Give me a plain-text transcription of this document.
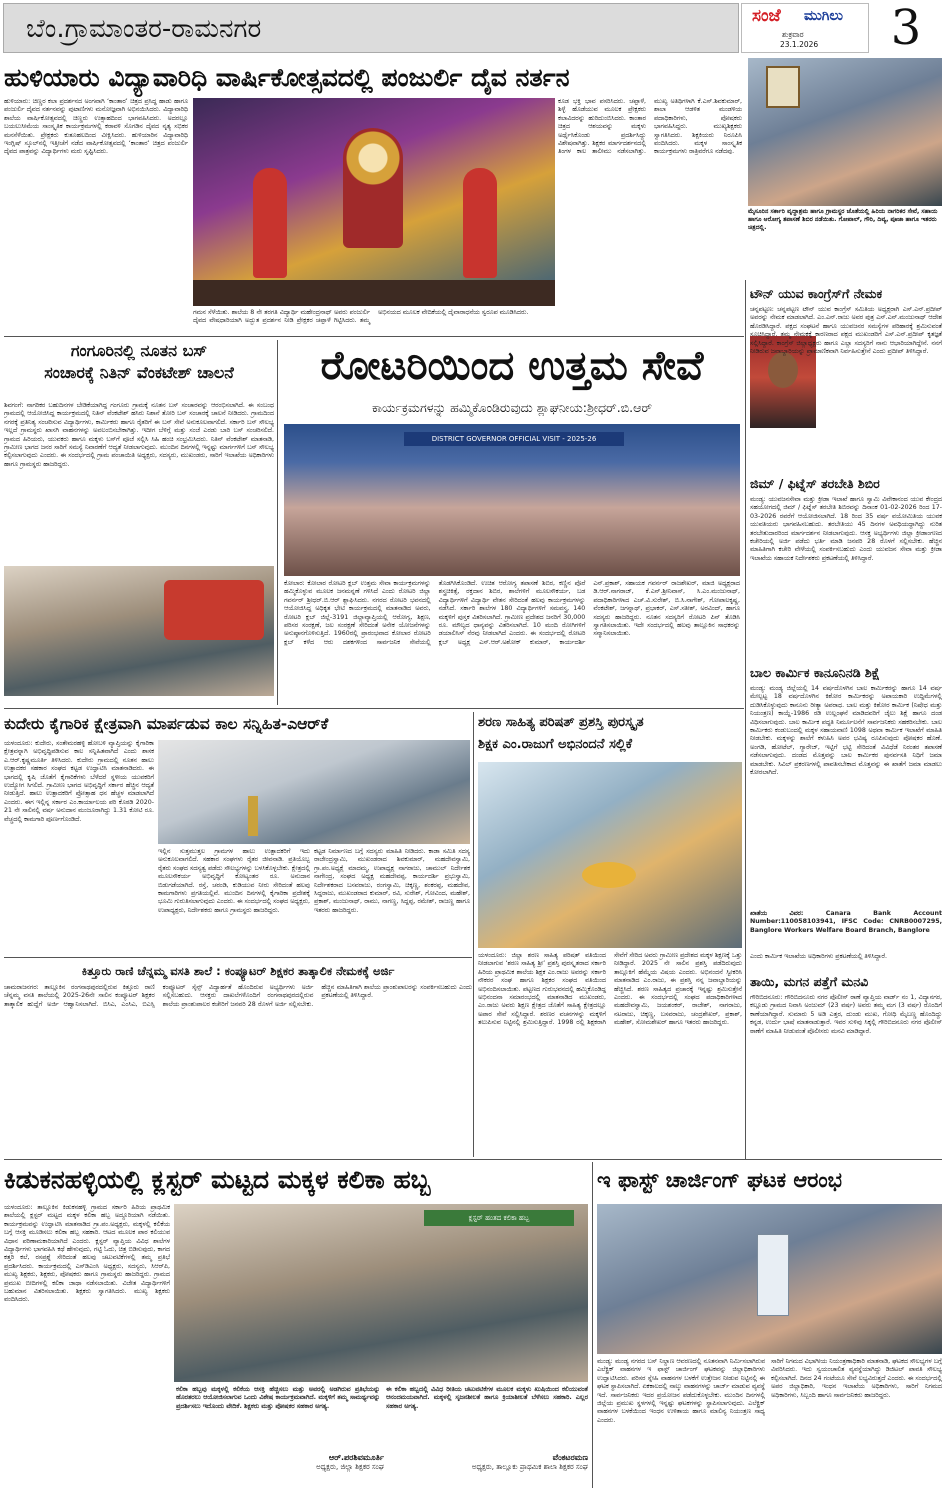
ಬೆಂ.ಗ್ರಾಮಾಂತರ-ರಾಮನಗರ	ಸಂಜೆ ಮುಗಿಲು
ಶುಕ್ರವಾರ
23.1.2026	3
ಹುಳಿಯಾರು ವಿದ್ಯಾವಾರಿಧಿ ವಾರ್ಷಿಕೋತ್ಸವದಲ್ಲಿ ಪಂಜುರ್ಲಿ ದೈವ ನರ್ತನ
ಹುಳಿಯಾರು: ಚಿಣ್ಣರ ಕಲಾ ಪ್ರದರ್ಶನದ ಅಂಗವಾಗಿ ‘ಕಾಂತಾರ’ ಚಿತ್ರದ ಪ್ರಸಿದ್ಧ ಹಾಡು ಹಾಗೂ ಪಂಜುರ್ಲಿ ದೈವದ ನರ್ತನವನ್ನು ಪುಟಾಣಿಗಳು ಮನೋಜ್ಞವಾಗಿ ಅಭಿನಯಿಸಿದರು. ವಿದ್ಯಾವಾರಿಧಿ ಶಾಲೆಯ ವಾರ್ಷಿಕೋತ್ಸವದಲ್ಲಿ ಚಿಣ್ಣರು ಉತ್ಸಾಹದಿಂದ ಭಾಗವಹಿಸಿದರು. ಅದರಲ್ಲೂ ಬಯಲುಸೀಮೆಯ ಸಾಂಸ್ಕೃತಿಕ ಕಾರ್ಯಕ್ರಮಗಳಲ್ಲಿ ಕರಾವಳಿ ಸೊಗಡಿನ ದೈವದ ನೃತ್ಯ ಸಭಿಕರ ಮನಸೆಳೆಯಿತು. ಪ್ರೇಕ್ಷಕರು ಕುತೂಹಲದಿಂದ ವೀಕ್ಷಿಸಿದರು. ಹುಳಿಯಾರಿನ ವಿದ್ಯಾವಾರಿಧಿ ಇಂಗ್ಲಿಷ್ ಸ್ಕೂಲ್‌ನಲ್ಲಿ ಇತ್ತೀಚೆಗೆ ನಡೆದ ವಾರ್ಷಿಕೋತ್ಸವದಲ್ಲಿ ‘ಕಾಂತಾರ’ ಚಿತ್ರದ ಪಂಜುರ್ಲಿ ದೈವದ ಪಾತ್ರವನ್ನು ವಿದ್ಯಾರ್ಥಿಗಳು ಮರು ಸೃಷ್ಟಿಸಿದರು.
ಗಮನ ಸೆಳೆಯಿತು. ಶಾಲೆಯ 8 ನೇ ತರಗತಿ ವಿದ್ಯಾರ್ಥಿ ಮಹೇಂದ್ರನಾಥ್ ಅವರು ಪಂಜುರ್ಲಿ ದೈವದ ವೇಷಧಾರಿಯಾಗಿ ಅದ್ಭುತ ಪ್ರದರ್ಶನ ನೀಡಿ ಪ್ರೇಕ್ಷಕರ ಚಪ್ಪಾಳೆ ಗಿಟ್ಟಿಸಿದರು. ತಮ್ಮ ಅಭಿನಯದ ಮೂಲಕ ವೇದಿಕೆಯಲ್ಲಿ ದೈವಾರಾಧನೆಯ ಸ್ವರೂಪ ಮೂಡಿಸಿದರು.
ಕೂಡ ಭಕ್ತಿ ಭಾವ ಪಸರಿಸಿದರು. ಚಪ್ಪಾಳೆ, ಶಿಳ್ಳೆ ಹೊಡೆಯುವ ಮೂಲಕ ಪ್ರೇಕ್ಷಕರು ಕಲಾವಿದರನ್ನು ಹುರಿದುಂಬಿಸಿದರು. ಕಾಂತಾರ ಚಿತ್ರದ ಆಶಯವನ್ನು ಮಕ್ಕಳು ಅರ್ಥೈಸಿಕೊಂಡು ಪ್ರದರ್ಶಿಸಿದ್ದು ವಿಶೇಷವಾಗಿತ್ತು. ಶಿಕ್ಷಕರ ಮಾರ್ಗದರ್ಶನದಲ್ಲಿ ತಿಂಗಳ ಕಾಲ ತಾಲೀಮು ನಡೆಸಲಾಗಿತ್ತು. ಮುಖ್ಯ ಅತಿಥಿಗಳಾಗಿ ಕೆ.ಎಸ್.ಶಿವಕುಮಾರ್, ಶಾಲಾ ಆಡಳಿತ ಮಂಡಳಿಯ ಪದಾಧಿಕಾರಿಗಳು, ಪೋಷಕರು ಭಾಗವಹಿಸಿದ್ದರು. ಮುಖ್ಯಶಿಕ್ಷಕರು ಸ್ವಾಗತಿಸಿದರು. ಶಿಕ್ಷಕಿಯರು ನಿರೂಪಿಸಿ ವಂದಿಸಿದರು. ಮಕ್ಕಳ ಸಾಂಸ್ಕೃತಿಕ ಕಾರ್ಯಕ್ರಮಗಳು ರಾತ್ರಿವರೆಗೂ ನಡೆದವು.
ಮೈಸೂರಿನ ಸರ್ಕಾರಿ ವೃದ್ಧಾಶ್ರಮ ಹಾಗೂ ಗ್ರಾಮಸ್ಥರ ಜೊತೆಯಲ್ಲಿ ಹಿರಿಯ ನಾಗರಿಕರ ಸೇವೆ, ಸಹಾಯ ಹಾಗೂ ಆರೋಗ್ಯ ತಪಾಸಣೆ ಶಿಬಿರ ನಡೆಯಿತು. ಗೋಪಾಲ್, ಗೌರಿ, ದಿವ್ಯ, ಪೂಜಾ ಹಾಗೂ ಇತರರು ಚಿತ್ರದಲ್ಲಿ.
ಗಂಗೂರಿನಲ್ಲಿ ನೂತನ ಬಸ್
ಸಂಚಾರಕ್ಕೆ ನಿತಿನ್ ವೆಂಕಟೇಶ್ ಚಾಲನೆ
ಶಿವಗಂಗೆ: ನಾಗರಿಕರ ಬಹುದಿನಗಳ ಬೇಡಿಕೆಯಾಗಿದ್ದ ಗಂಗೂರು ಗ್ರಾಮಕ್ಕೆ ನೂತನ ಬಸ್ ಸಂಚಾರವನ್ನು ಆರಂಭಿಸಲಾಗಿದೆ. ಈ ಸಂಬಂಧ ಗ್ರಾಮದಲ್ಲಿ ಆಯೋಜಿಸಿದ್ದ ಕಾರ್ಯಕ್ರಮದಲ್ಲಿ ನಿತಿನ್ ವೆಂಕಟೇಶ್ ಹಸಿರು ನಿಶಾನೆ ತೋರಿ ಬಸ್ ಸಂಚಾರಕ್ಕೆ ಚಾಲನೆ ನೀಡಿದರು. ಗ್ರಾಮದಿಂದ ನಗರಕ್ಕೆ ಪ್ರತಿನಿತ್ಯ ಸಂಚರಿಸುವ ವಿದ್ಯಾರ್ಥಿಗಳು, ಕಾರ್ಮಿಕರು ಹಾಗೂ ರೈತರಿಗೆ ಈ ಬಸ್ ಸೇವೆ ಅನುಕೂಲವಾಗಲಿದೆ. ಸರ್ಕಾರಿ ಬಸ್ ಸೌಲಭ್ಯ ಇಲ್ಲದೆ ಗ್ರಾಮಸ್ಥರು ಖಾಸಗಿ ವಾಹನಗಳನ್ನು ಅವಲಂಬಿಸಬೇಕಾಗಿತ್ತು. ಇದೀಗ ಬೆಳಿಗ್ಗೆ ಮತ್ತು ಸಂಜೆ ಎರಡು ಬಾರಿ ಬಸ್ ಸಂಚರಿಸಲಿದೆ. ಗ್ರಾಮದ ಹಿರಿಯರು, ಯುವಕರು ಹಾಗೂ ಮಕ್ಕಳು ಬಸ್‌ಗೆ ಪೂಜೆ ಸಲ್ಲಿಸಿ ಸಿಹಿ ಹಂಚಿ ಸಂಭ್ರಮಿಸಿದರು. ನಿತಿನ್ ವೆಂಕಟೇಶ್ ಮಾತನಾಡಿ, ಗ್ರಾಮೀಣ ಭಾಗದ ಜನರ ಸಾರಿಗೆ ಸಮಸ್ಯೆ ನಿವಾರಣೆಗೆ ಆದ್ಯತೆ ನೀಡಲಾಗುವುದು. ಮುಂದಿನ ದಿನಗಳಲ್ಲಿ ಇನ್ನಷ್ಟು ಮಾರ್ಗಗಳಿಗೆ ಬಸ್ ಸೌಲಭ್ಯ ಕಲ್ಪಿಸಲಾಗುವುದು ಎಂದರು. ಈ ಸಂದರ್ಭದಲ್ಲಿ ಗ್ರಾಮ ಪಂಚಾಯಿತಿ ಅಧ್ಯಕ್ಷರು, ಸದಸ್ಯರು, ಮುಖಂಡರು, ಸಾರಿಗೆ ಇಲಾಖೆಯ ಅಧಿಕಾರಿಗಳು ಹಾಗೂ ಗ್ರಾಮಸ್ಥರು ಹಾಜರಿದ್ದರು.
ರೋಟರಿಯಿಂದ ಉತ್ತಮ ಸೇವೆ
ಕಾರ್ಯಕ್ರಮಗಳನ್ನು ಹಮ್ಮಿಕೊಂಡಿರುವುದು ಶ್ಲಾಘನೀಯ:ಶ್ರೀಧರ್.ಬಿ.ಆರ್
DISTRICT GOVERNOR OFFICIAL VISIT - 2025-26
ಕೋಲಾರ: ಕೋಲಾರ ರೋಟರಿ ಕ್ಲಬ್ ಉತ್ತಮ ಸೇವಾ ಕಾರ್ಯಕ್ರಮಗಳನ್ನು ಹಮ್ಮಿಕೊಳ್ಳುವ ಮೂಲಕ ಜನಮನ್ನಣೆ ಗಳಿಸಿದೆ ಎಂದು ರೋಟರಿ ಜಿಲ್ಲಾ ಗವರ್ನರ್ ಶ್ರೀಧರ್.ಬಿ.ಆರ್ ಶ್ಲಾಘಿಸಿದರು. ನಗರದ ರೋಟರಿ ಭವನದಲ್ಲಿ ಆಯೋಜಿಸಿದ್ದ ಅಧಿಕೃತ ಭೇಟಿ ಕಾರ್ಯಕ್ರಮದಲ್ಲಿ ಮಾತನಾಡಿದ ಅವರು, ರೋಟರಿ ಕ್ಲಬ್ ಜಿಲ್ಲೆ-3191 ಜಿಲ್ಲಾವ್ಯಾಪ್ತಿಯಲ್ಲಿ ಆರೋಗ್ಯ, ಶಿಕ್ಷಣ, ಪರಿಸರ ಸಂರಕ್ಷಣೆ, ಜಲ ಸಂರಕ್ಷಣೆ ಸೇರಿದಂತೆ ಅನೇಕ ಯೋಜನೆಗಳನ್ನು ಅನುಷ್ಠಾನಗೊಳಿಸುತ್ತಿದೆ. 1960ರಲ್ಲಿ ಪ್ರಾರಂಭವಾದ ಕೋಲಾರ ರೋಟರಿ ಕ್ಲಬ್ ಕಳೆದ ಆರು ದಶಕಗಳಿಂದ ಸಾರ್ವಜನಿಕ ಸೇವೆಯಲ್ಲಿ ತೊಡಗಿಸಿಕೊಂಡಿದೆ. ಉಚಿತ ಆರೋಗ್ಯ ತಪಾಸಣೆ ಶಿಬಿರ, ಕಣ್ಣಿನ ಪೊರೆ ಶಸ್ತ್ರಚಿಕಿತ್ಸೆ, ರಕ್ತದಾನ ಶಿಬಿರ, ಶಾಲೆಗಳಿಗೆ ಮೂಲಸೌಕರ್ಯ, ಬಡ ವಿದ್ಯಾರ್ಥಿಗಳಿಗೆ ವಿದ್ಯಾರ್ಥಿ ವೇತನ ಸೇರಿದಂತೆ ಹಲವು ಕಾರ್ಯಕ್ರಮಗಳನ್ನು ನಡೆಸಿದೆ. ಸರ್ಕಾರಿ ಶಾಲೆಗಳ 180 ವಿದ್ಯಾರ್ಥಿಗಳಿಗೆ ಸಮವಸ್ತ್ರ, 140 ಮಕ್ಕಳಿಗೆ ಪುಸ್ತಕ ವಿತರಿಸಲಾಗಿದೆ. ಗ್ರಾಮೀಣ ಪ್ರದೇಶದ ಜನರಿಗೆ 30,000 ರೂ. ಮೌಲ್ಯದ ಧಾನ್ಯವನ್ನು ವಿತರಿಸಲಾಗಿದೆ. 10 ಮಂದಿ ರೋಗಿಗಳಿಗೆ ಡಯಾಲಿಸಿಸ್ ನೆರವು ನೀಡಲಾಗಿದೆ ಎಂದರು. ಈ ಸಂದರ್ಭದಲ್ಲಿ ರೋಟರಿ ಕ್ಲಬ್ ಅಧ್ಯಕ್ಷ ಎಸ್.ಆರ್.ಅಶೋಕ್ ಕುಮಾರ್, ಕಾರ್ಯದರ್ಶಿ ಎನ್.ಪ್ರಕಾಶ್, ಸಹಾಯಕ ಗವರ್ನರ್ ರಾಜಶೇಖರ್, ಮಾಜಿ ಅಧ್ಯಕ್ಷರಾದ ಡಿ.ಆರ್.ನಾಗರಾಜ್, ಕೆ.ಎನ್.ಶ್ರೀನಿವಾಸ್, ಸಿ.ಎಂ.ಮಂಜುನಾಥ್, ಪದಾಧಿಕಾರಿಗಳಾದ ಎಚ್.ವಿ.ಸುರೇಶ್, ಬಿ.ಸಿ.ನಾಗೇಶ್, ಗೋಪಾಲಕೃಷ್ಣ, ವೆಂಕಟೇಶ್, ಜಗನ್ನಾಥ್, ಪ್ರಭಾಕರ್, ಎಸ್.ಸತೀಶ್, ಅರವಿಂದ್, ಹಾಗೂ ಸದಸ್ಯರು ಹಾಜರಿದ್ದರು. ನೂತನ ಸದಸ್ಯರಿಗೆ ರೋಟರಿ ಪಿನ್ ತೊಡಿಸಿ ಸ್ವಾಗತಿಸಲಾಯಿತು. ಇದೇ ಸಂದರ್ಭದಲ್ಲಿ ಹಲವು ತಾಲ್ಲೂಕಿನ ಸಾಧಕರನ್ನು ಸನ್ಮಾನಿಸಲಾಯಿತು.
ಟೌನ್ ಯುವ ಕಾಂಗ್ರೆಸ್‌ಗೆ ನೇಮಕ
ಚನ್ನಪಟ್ಟಣ: ಚನ್ನಪಟ್ಟಣ ಟೌನ್ ಯುವ ಕಾಂಗ್ರೆಸ್ ಸಮಿತಿಯ ಅಧ್ಯಕ್ಷರಾಗಿ ಎಸ್.ಎನ್.ಪ್ರದೀಪ್ ಅವರನ್ನು ನೇಮಕ ಮಾಡಲಾಗಿದೆ. ಎಂ.ಎನ್.ರಾಜು ಅವರ ಪುತ್ರ ಎಸ್.ಎನ್.ಮಂಜುನಾಥ್ ಆದೇಶ ಹೊರಡಿಸಿದ್ದಾರೆ. ಪಕ್ಷದ ಸಂಘಟನೆ ಹಾಗೂ ಯುವಜನರ ಸಮಸ್ಯೆಗಳ ಪರಿಹಾರಕ್ಕೆ ಶ್ರಮಿಸುವಂತೆ ಸೂಚಿಸಿದ್ದಾರೆ. ತಮ್ಮ ನೇಮಕಕ್ಕೆ ಕಾರಣರಾದ ಪಕ್ಷದ ಮುಖಂಡರಿಗೆ ಎಸ್.ಎನ್.ಪ್ರದೀಪ್ ಕೃತಜ್ಞತೆ ಸಲ್ಲಿಸಿದ್ದಾರೆ. ಕಾಂಗ್ರೆಸ್ ಜಿಲ್ಲಾಧ್ಯಕ್ಷರು ಹಾಗೂ ಎಲ್ಲಾ ಸದಸ್ಯರಿಗೆ ನಾನು ಆಭಾರಿಯಾಗಿದ್ದೇನೆ. ನನಗೆ ನೀಡಿರುವ ಜವಾಬ್ದಾರಿಯನ್ನು ಪ್ರಾಮಾಣಿಕವಾಗಿ ನಿರ್ವಹಿಸುತ್ತೇನೆ ಎಂದು ಪ್ರದೀಪ್ ತಿಳಿಸಿದ್ದಾರೆ.
ಜಿಮ್ / ಫಿಟ್ನೆಸ್ ತರಬೇತಿ ಶಿಬಿರ
ಮಂಡ್ಯ: ಯುವಜನಸೇವಾ ಮತ್ತು ಕ್ರೀಡಾ ಇಲಾಖೆ ಹಾಗೂ ಸ್ವಾಮಿ ವಿವೇಕಾನಂದ ಯುವ ಕೇಂದ್ರದ ಸಹಯೋಗದಲ್ಲಿ ಜಿಮ್ / ಫಿಟ್ನೆಸ್ ತರಬೇತಿ ಶಿಬಿರವನ್ನು ದಿನಾಂಕ 01-02-2026 ರಿಂದ 17-03-2026 ರವರೆಗೆ ಆಯೋಜಿಸಲಾಗಿದೆ. 18 ರಿಂದ 35 ವರ್ಷ ವಯೋಮಿತಿಯ ಯುವಕ ಯುವತಿಯರು ಭಾಗವಹಿಸಬಹುದು. ತರಬೇತಿಯು 45 ದಿನಗಳ ಅವಧಿಯದ್ದಾಗಿದ್ದು ನುರಿತ ತರಬೇತುದಾರರಿಂದ ಮಾರ್ಗದರ್ಶನ ನೀಡಲಾಗುವುದು. ಆಸಕ್ತ ಅಭ್ಯರ್ಥಿಗಳು ಜಿಲ್ಲಾ ಕ್ರೀಡಾಂಗಣದ ಕಚೇರಿಯಲ್ಲಿ ಅರ್ಜಿ ಪಡೆದು ಭರ್ತಿ ಮಾಡಿ ಜನವರಿ 28 ರೊಳಗೆ ಸಲ್ಲಿಸಬೇಕು. ಹೆಚ್ಚಿನ ಮಾಹಿತಿಗಾಗಿ ಕಚೇರಿ ವೇಳೆಯಲ್ಲಿ ಸಂಪರ್ಕಿಸಬಹುದು ಎಂದು ಯುವಜನ ಸೇವಾ ಮತ್ತು ಕ್ರೀಡಾ ಇಲಾಖೆಯ ಸಹಾಯಕ ನಿರ್ದೇಶಕರು ಪ್ರಕಟಣೆಯಲ್ಲಿ ತಿಳಿಸಿದ್ದಾರೆ.
ಬಾಲ ಕಾರ್ಮಿಕ ಕಾನೂನಿನಡಿ ಶಿಕ್ಷೆ
ಮಂಡ್ಯ: ಮಂಡ್ಯ ಜಿಲ್ಲೆಯಲ್ಲಿ 14 ವರ್ಷದೊಳಗಿನ ಬಾಲ ಕಾರ್ಮಿಕರನ್ನು ಹಾಗೂ 14 ವರ್ಷ ಮೇಲ್ಪಟ್ಟ 18 ವರ್ಷದೊಳಗಿನ ಕಿಶೋರ ಕಾರ್ಮಿಕರನ್ನು ಅಪಾಯಕಾರಿ ಉದ್ದಿಮೆಗಳಲ್ಲಿ ದುಡಿಸಿಕೊಳ್ಳುವುದು ಕಾನೂನು ರೀತ್ಯಾ ಅಪರಾಧ. ಬಾಲ ಮತ್ತು ಕಿಶೋರ ಕಾರ್ಮಿಕ (ನಿಷೇಧ ಮತ್ತು ನಿಯಂತ್ರಣ) ಕಾಯ್ದೆ-1986 ರಡಿ ಉಲ್ಲಂಘನೆ ಮಾಡಿದವರಿಗೆ ಜೈಲು ಶಿಕ್ಷೆ ಹಾಗೂ ದಂಡ ವಿಧಿಸಲಾಗುವುದು. ಬಾಲ ಕಾರ್ಮಿಕ ಪದ್ಧತಿ ನಿರ್ಮೂಲನೆಗೆ ಸಾರ್ವಜನಿಕರು ಸಹಕರಿಸಬೇಕು. ಬಾಲ ಕಾರ್ಮಿಕರು ಕಂಡುಬಂದಲ್ಲಿ ಮಕ್ಕಳ ಸಹಾಯವಾಣಿ 1098 ಅಥವಾ ಕಾರ್ಮಿಕ ಇಲಾಖೆಗೆ ಮಾಹಿತಿ ನೀಡಬೇಕು. ಮಕ್ಕಳನ್ನು ಶಾಲೆಗೆ ಕಳುಹಿಸಿ ಅವರ ಭವಿಷ್ಯ ರೂಪಿಸುವುದು ಪೋಷಕರ ಹೊಣೆ. ಅಂಗಡಿ, ಹೋಟೆಲ್, ಗ್ಯಾರೇಜ್, ಇಟ್ಟಿಗೆ ಭಟ್ಟಿ ಸೇರಿದಂತೆ ವಿವಿಧೆಡೆ ನಿರಂತರ ತಪಾಸಣೆ ನಡೆಸಲಾಗುವುದು. ದಂಡದ ಮೊತ್ತವನ್ನು ಬಾಲ ಕಾರ್ಮಿಕರ ಪುನರ್ವಸತಿ ನಿಧಿಗೆ ಜಮಾ ಮಾಡಬೇಕು. ಸಿವಿಲ್ ಪ್ರಕರಣಗಳಲ್ಲಿ ಪಾವತಿಸಬೇಕಾದ ಮೊತ್ತವನ್ನು ಈ ಖಾತೆಗೆ ಜಮಾ ಮಾಡಲು ಕೋರಲಾಗಿದೆ.
ಖಾತೆಯ ವಿವರ: Canara Bank Account Number:110058103941, IFSC Code: CNRB0007295, Banglore Workers Welfare Board Branch, Banglore
ಎಂದು ಕಾರ್ಮಿಕ ಇಲಾಖೆಯ ಅಧಿಕಾರಿಗಳು ಪ್ರಕಟಣೆಯಲ್ಲಿ ತಿಳಿಸಿದ್ದಾರೆ.
ತಾಯಿ, ಮಗನ ಪತ್ತೆಗೆ ಮನವಿ
ಗೌರಿಬಿದನೂರು: ಗೌರಿಬಿದನೂರು ನಗರ ಪೊಲೀಸ್ ಠಾಣೆ ವ್ಯಾಪ್ತಿಯ ವಾರ್ಡ್ ನಂ 1, ವಿದ್ಯಾನಗರ, ಕಲ್ಲೂಡು ಗ್ರಾಮದ ನಿವಾಸಿ ಅಂಜುಮ್ (23 ವರ್ಷ) ಅವರು ತಮ್ಮ ಮಗ (3 ವರ್ಷ) ರೊಂದಿಗೆ ಕಾಣೆಯಾಗಿದ್ದಾರೆ. ಸುಮಾರು 5 ಅಡಿ ಎತ್ತರ, ದುಂಡು ಮುಖ, ಗೋಧಿ ಮೈಬಣ್ಣ ಹೊಂದಿದ್ದು ಕನ್ನಡ, ಉರ್ದು ಭಾಷೆ ಮಾತನಾಡುತ್ತಾರೆ. ಇವರ ಸುಳಿವು ಸಿಕ್ಕಲ್ಲಿ ಗೌರಿಬಿದನೂರು ನಗರ ಪೊಲೀಸ್ ಠಾಣೆಗೆ ಮಾಹಿತಿ ನೀಡುವಂತೆ ಪೊಲೀಸರು ಮನವಿ ಮಾಡಿದ್ದಾರೆ.
ಕುದೇರು ಕೈಗಾರಿಕ ಕ್ಷೇತ್ರವಾಗಿ ಮಾರ್ಪಡುವ ಕಾಲ ಸನ್ನಿಹಿತ-ಎಆರ್‌ಕೆ
ಯಳಂದೂರು: ಕುದೇರು, ಸಂತೇಮರಹಳ್ಳಿ ಹೋಬಳಿ ವ್ಯಾಪ್ತಿಯನ್ನು ಕೈಗಾರಿಕಾ ಕ್ಷೇತ್ರವನ್ನಾಗಿ ಅಭಿವೃದ್ಧಿಪಡಿಸುವ ಕಾಲ ಸನ್ನಿಹಿತವಾಗಿದೆ ಎಂದು ಶಾಸಕ ಎ.ಆರ್.ಕೃಷ್ಣಮೂರ್ತಿ ತಿಳಿಸಿದರು. ಕುದೇರು ಗ್ರಾಮದಲ್ಲಿ ನೂತನ ಹಾಲು ಉತ್ಪಾದಕರ ಸಹಕಾರ ಸಂಘದ ಕಟ್ಟಡ ಉದ್ಘಾಟಿಸಿ ಮಾತನಾಡಿದರು. ಈ ಭಾಗದಲ್ಲಿ ಕೃಷಿ ಜೊತೆಗೆ ಕೈಗಾರಿಕೆಗಳು ಬೆಳೆದರೆ ಸ್ಥಳೀಯ ಯುವಕರಿಗೆ ಉದ್ಯೋಗ ಸಿಗಲಿದೆ. ಗ್ರಾಮೀಣ ಭಾಗದ ಅಭಿವೃದ್ಧಿಗೆ ಸರ್ಕಾರ ಹೆಚ್ಚಿನ ಆದ್ಯತೆ ನೀಡುತ್ತಿದೆ. ಹಾಲು ಉತ್ಪಾದಕರಿಗೆ ಪ್ರೋತ್ಸಾಹ ಧನ ಹೆಚ್ಚಳ ಮಾಡಲಾಗಿದೆ ಎಂದರು. ಈಗ ಇಲ್ಲಿನ್ನ ಸರ್ಕಾರ ಎಂ.ಕಾರ್ಯಾಲಯ ಪರಿ ಕೊಠಡಿ 2020-21 ನೇ ಸಾಲಿನಲ್ಲಿ ವರ್ಷ ಅನುದಾನ ಮಂಜೂರಾಗಿದ್ದು 1.31 ಕೋಟಿ ರೂ. ವೆಚ್ಚದಲ್ಲಿ ಕಾಮಗಾರಿ ಪೂರ್ಣಗೊಂಡಿದೆ.
ಇಲ್ಲಿನ ಸುತ್ತಮುತ್ತಲ ಗ್ರಾಮಗಳ ಹಾಲು ಉತ್ಪಾದಕರಿಗೆ ಇದು ಅನುಕೂಲವಾಗಲಿದೆ. ಸಹಕಾರ ಸಂಘಗಳು ರೈತರ ಜೀವನಾಡಿ. ಪ್ರತಿಯೊಬ್ಬ ರೈತರು ಸಂಘದ ಸದಸ್ಯತ್ವ ಪಡೆದು ಸೌಲಭ್ಯಗಳನ್ನು ಬಳಸಿಕೊಳ್ಳಬೇಕು. ಕ್ಷೇತ್ರದಲ್ಲಿ ಮೂಲಸೌಕರ್ಯ ಅಭಿವೃದ್ಧಿಗೆ ಕೋಟ್ಯಂತರ ರೂ. ಅನುದಾನ ಬಿಡುಗಡೆಯಾಗಿದೆ. ರಸ್ತೆ, ಚರಂಡಿ, ಕುಡಿಯುವ ನೀರು ಸೇರಿದಂತೆ ಹಲವು ಕಾಮಗಾರಿಗಳು ಪ್ರಗತಿಯಲ್ಲಿವೆ. ಮುಂದಿನ ದಿನಗಳಲ್ಲಿ ಕೈಗಾರಿಕಾ ಪ್ರದೇಶಕ್ಕೆ ಭೂಮಿ ಗುರುತಿಸಲಾಗುವುದು ಎಂದರು. ಈ ಸಂದರ್ಭದಲ್ಲಿ ಸಂಘದ ಅಧ್ಯಕ್ಷರು, ಉಪಾಧ್ಯಕ್ಷರು, ನಿರ್ದೇಶಕರು ಹಾಗೂ ಗ್ರಾಮಸ್ಥರು ಹಾಜರಿದ್ದರು.
ಕಟ್ಟಡ ನಿರ್ಮಾಣದ ಬಗ್ಗೆ ಸದಸ್ಯರು ಮಾಹಿತಿ ನೀಡಿದರು. ಕಾಡಾ ಸಮಿತಿ ಸದಸ್ಯ ರಾಜೇಂದ್ರಸ್ವಾಮಿ, ಮುಖಂಡರಾದ ಶಿವಕುಮಾರ್, ಮಹದೇವಸ್ವಾಮಿ, ಗ್ರಾ.ಪಂ.ಅಧ್ಯಕ್ಷೆ ಮಾದಮ್ಮ, ಉಪಾಧ್ಯಕ್ಷ ನಾಗರಾಜು, ಚಾಮುಲ್ ನಿರ್ದೇಶಕ ನಾಗೇಂದ್ರ, ಸಂಘದ ಅಧ್ಯಕ್ಷ ಮಹದೇವಪ್ಪ, ಕಾರ್ಯದರ್ಶಿ ಪ್ರಭುಸ್ವಾಮಿ, ನಿರ್ದೇಶಕರಾದ ಬಸವರಾಜು, ರಂಗಸ್ವಾಮಿ, ಚಿಕ್ಕಣ್ಣ, ಶಂಕರಪ್ಪ, ಮಹದೇವ, ಸಿದ್ದರಾಜು, ಮುಖಂಡರಾದ ಕುಮಾರ್, ರವಿ, ಸುರೇಶ್, ಗೋವಿಂದ, ಮಹೇಶ್, ಪ್ರಕಾಶ್, ಮಂಜುನಾಥ್, ರಾಮು, ನಾಗಣ್ಣ, ಸಿದ್ದಪ್ಪ, ರಮೇಶ್, ರಾಜಣ್ಣ ಹಾಗೂ ಇತರರು ಹಾಜರಿದ್ದರು.
ಶರಣ ಸಾಹಿತ್ಯ ಪರಿಷತ್ ಪ್ರಶಸ್ತಿ ಪುರಸ್ಕೃತ
ಶಿಕ್ಷಕ ಎಂ.ರಾಜುಗೆ ಅಭಿನಂದನೆ ಸಲ್ಲಿಕೆ
ಯಳಂದೂರು: ಜಿಲ್ಲಾ ಶರಣ ಸಾಹಿತ್ಯ ಪರಿಷತ್ ವತಿಯಿಂದ ನೀಡಲಾಗುವ ‘ಶರಣ ಸಾಹಿತ್ಯ ಶ್ರೀ’ ಪ್ರಶಸ್ತಿ ಪುರಸ್ಕೃತರಾದ ಸರ್ಕಾರಿ ಹಿರಿಯ ಪ್ರಾಥಮಿಕ ಶಾಲೆಯ ಶಿಕ್ಷಕ ಎಂ.ರಾಜು ಅವರನ್ನು ಸರ್ಕಾರಿ ನೌಕರರ ಸಂಘ ಹಾಗೂ ಶಿಕ್ಷಕರ ಸಂಘದ ವತಿಯಿಂದ ಅಭಿನಂದಿಸಲಾಯಿತು. ಪಟ್ಟಣದ ಗುರುಭವನದಲ್ಲಿ ಹಮ್ಮಿಕೊಂಡಿದ್ದ ಅಭಿನಂದನಾ ಸಮಾರಂಭದಲ್ಲಿ ಮಾತನಾಡಿದ ಮುಖಂಡರು, ಎಂ.ರಾಜು ಅವರು ಶಿಕ್ಷಣ ಕ್ಷೇತ್ರದ ಜೊತೆಗೆ ಸಾಹಿತ್ಯ ಕ್ಷೇತ್ರದಲ್ಲೂ ಅಪಾರ ಸೇವೆ ಸಲ್ಲಿಸಿದ್ದಾರೆ. ಶರಣರ ವಚನಗಳನ್ನು ಮಕ್ಕಳಿಗೆ ತಲುಪಿಸುವ ನಿಟ್ಟಿನಲ್ಲಿ ಶ್ರಮಿಸುತ್ತಿದ್ದಾರೆ. 1998 ರಲ್ಲಿ ಶಿಕ್ಷಕರಾಗಿ ಸೇವೆಗೆ ಸೇರಿದ ಅವರು ಗ್ರಾಮೀಣ ಪ್ರದೇಶದ ಮಕ್ಕಳ ಶಿಕ್ಷಣಕ್ಕೆ ಒತ್ತು ನೀಡಿದ್ದಾರೆ. 2025 ನೇ ಸಾಲಿನ ಪ್ರಶಸ್ತಿ ಪಡೆದಿರುವುದು ತಾಲ್ಲೂಕಿಗೆ ಹೆಮ್ಮೆಯ ವಿಷಯ ಎಂದರು. ಅಭಿನಂದನೆ ಸ್ವೀಕರಿಸಿ ಮಾತನಾಡಿದ ಎಂ.ರಾಜು, ಈ ಪ್ರಶಸ್ತಿ ನನ್ನ ಜವಾಬ್ದಾರಿಯನ್ನು ಹೆಚ್ಚಿಸಿದೆ. ಶರಣ ಸಾಹಿತ್ಯದ ಪ್ರಚಾರಕ್ಕೆ ಇನ್ನಷ್ಟು ಶ್ರಮಿಸುತ್ತೇನೆ ಎಂದರು. ಈ ಸಂದರ್ಭದಲ್ಲಿ ಸಂಘದ ಪದಾಧಿಕಾರಿಗಳಾದ ಮಹದೇವಸ್ವಾಮಿ, ಜಯಶಂಕರ್, ರಾಜೇಶ್, ನಾಗರಾಜು, ನಟರಾಜು, ಚಿಕ್ಕಣ್ಣ, ಬಸವರಾಜು, ಚಂದ್ರಶೇಖರ್, ಪ್ರಕಾಶ್, ಮಹೇಶ್, ಸೋಮಶೇಖರ್ ಹಾಗೂ ಇತರರು ಹಾಜರಿದ್ದರು.
ಕಿತ್ತೂರು ರಾಣಿ ಚೆನ್ನಮ್ಮ ವಸತಿ ಶಾಲೆ : ಕಂಪ್ಯೂಟರ್ ಶಿಕ್ಷಕರ ತಾತ್ಕಾಲಿಕ ನೇಮಕಕ್ಕೆ ಅರ್ಜಿ
ಚಾಮರಾಜನಗರ: ತಾಲ್ಲೂಕಿನ ರಂಗನಾಥಪುರದಲ್ಲಿರುವ ಕಿತ್ತೂರು ರಾಣಿ ಚೆನ್ನಮ್ಮ ವಸತಿ ಶಾಲೆಯಲ್ಲಿ 2025-26ನೇ ಸಾಲಿನ ಕಂಪ್ಯೂಟರ್ ಶಿಕ್ಷಕರ ತಾತ್ಕಾಲಿಕ ಹುದ್ದೆಗೆ ಅರ್ಜಿ ಆಹ್ವಾನಿಸಲಾಗಿದೆ. ಬಿಸಿಎ, ಎಂಸಿಎ, ಬಿಎಸ್ಸಿ ಕಂಪ್ಯೂಟರ್ ಸೈನ್ಸ್ ವಿದ್ಯಾರ್ಹತೆ ಹೊಂದಿರುವ ಅಭ್ಯರ್ಥಿಗಳು ಅರ್ಜಿ ಸಲ್ಲಿಸಬಹುದು. ಆಸಕ್ತರು ದಾಖಲೆಗಳೊಂದಿಗೆ ರಂಗನಾಥಪುರದಲ್ಲಿರುವ ಶಾಲೆಯ ಪ್ರಾಂಶುಪಾಲರ ಕಚೇರಿಗೆ ಜನವರಿ 28 ರೊಳಗೆ ಅರ್ಜಿ ಸಲ್ಲಿಸಬೇಕು. ಹೆಚ್ಚಿನ ಮಾಹಿತಿಗಾಗಿ ಶಾಲೆಯ ಪ್ರಾಂಶುಪಾಲರನ್ನು ಸಂಪರ್ಕಿಸಬಹುದು ಎಂದು ಪ್ರಕಟಣೆಯಲ್ಲಿ ತಿಳಿಸಿದ್ದಾರೆ.
ಕಿಡುಕನಹಳ್ಳಿಯಲ್ಲಿ ಕ್ಲಸ್ಟರ್ ಮಟ್ಟದ ಮಕ್ಕಳ ಕಲಿಕಾ ಹಬ್ಬ
ಯಳಂದೂರು: ತಾಲ್ಲೂಕಿನ ಕಿಡುಕನಹಳ್ಳಿ ಗ್ರಾಮದ ಸರ್ಕಾರಿ ಹಿರಿಯ ಪ್ರಾಥಮಿಕ ಶಾಲೆಯಲ್ಲಿ ಕ್ಲಸ್ಟರ್ ಮಟ್ಟದ ಮಕ್ಕಳ ಕಲಿಕಾ ಹಬ್ಬ ಅದ್ದೂರಿಯಾಗಿ ನಡೆಯಿತು. ಕಾರ್ಯಕ್ರಮವನ್ನು ಉದ್ಘಾಟಿಸಿ ಮಾತನಾಡಿದ ಗ್ರಾ.ಪಂ.ಅಧ್ಯಕ್ಷರು, ಮಕ್ಕಳಲ್ಲಿ ಕಲಿಕೆಯ ಬಗ್ಗೆ ಆಸಕ್ತಿ ಮೂಡಿಸಲು ಕಲಿಕಾ ಹಬ್ಬ ಸಹಕಾರಿ. ಆಟದ ಮೂಲಕ ಪಾಠ ಕಲಿಯುವ ವಿಧಾನ ಪರಿಣಾಮಕಾರಿಯಾಗಿದೆ ಎಂದರು. ಕ್ಲಸ್ಟರ್ ವ್ಯಾಪ್ತಿಯ ವಿವಿಧ ಶಾಲೆಗಳ ವಿದ್ಯಾರ್ಥಿಗಳು ಭಾಗವಹಿಸಿ ಕಥೆ ಹೇಳುವುದು, ಗಟ್ಟಿ ಓದು, ಚಿತ್ರ ಬಿಡಿಸುವುದು, ಕಾಗದ ಕತ್ತರಿ ಕಲೆ, ರಸಪ್ರಶ್ನೆ ಸೇರಿದಂತೆ ಹಲವು ಚಟುವಟಿಕೆಗಳಲ್ಲಿ ತಮ್ಮ ಪ್ರತಿಭೆ ಪ್ರದರ್ಶಿಸಿದರು. ಕಾರ್ಯಕ್ರಮದಲ್ಲಿ ಎಸ್‌ಡಿಎಂಸಿ ಅಧ್ಯಕ್ಷರು, ಸದಸ್ಯರು, ಸಿಆರ್‌ಪಿ, ಮುಖ್ಯ ಶಿಕ್ಷಕರು, ಶಿಕ್ಷಕರು, ಪೋಷಕರು ಹಾಗೂ ಗ್ರಾಮಸ್ಥರು ಹಾಜರಿದ್ದರು. ಗ್ರಾಮದ ಪ್ರಮುಖ ಬೀದಿಗಳಲ್ಲಿ ಕಲಿಕಾ ಜಾಥಾ ನಡೆಸಲಾಯಿತು. ವಿಜೇತ ವಿದ್ಯಾರ್ಥಿಗಳಿಗೆ ಬಹುಮಾನ ವಿತರಿಸಲಾಯಿತು. ಶಿಕ್ಷಕರು ಸ್ವಾಗತಿಸಿದರು. ಮುಖ್ಯ ಶಿಕ್ಷಕರು ವಂದಿಸಿದರು.
ಕ್ಲಸ್ಟರ್ ಹಂತದ ಕಲಿಕಾ ಹಬ್ಬ
ಕಲಿಕಾ ಹಬ್ಬವು ಮಕ್ಕಳಲ್ಲಿ ಕಲಿಕೆಯ ಆಸಕ್ತಿ ಹೆಚ್ಚಿಸಲು ಮತ್ತು ಅವರಲ್ಲಿ ಅಡಗಿರುವ ಪ್ರತಿಭೆಯನ್ನು ಹೊರತರಲು ಆಯೋಜಿಸಲಾಗುವ ಒಂದು ವಿಶೇಷ ಕಾರ್ಯಕ್ರಮವಾಗಿದೆ. ಮಕ್ಕಳಿಗೆ ತಮ್ಮ ಸಾಮರ್ಥ್ಯವನ್ನು ಪ್ರದರ್ಶಿಸಲು ಇದೊಂದು ವೇದಿಕೆ. ಶಿಕ್ಷಕರು ಮತ್ತು ಪೋಷಕರ ಸಹಕಾರ ಅಗತ್ಯ.
ಆರ್.ಪರಶಿವಮೂರ್ತಿ
ಅಧ್ಯಕ್ಷರು, ಜಿಲ್ಲಾ ಶಿಕ್ಷಕರ ಸಂಘ
ಈ ಕಲಿಕಾ ಹಬ್ಬದಲ್ಲಿ ವಿವಿಧ ರೀತಿಯ ಚಟುವಟಿಕೆಗಳ ಮೂಲಕ ಮಕ್ಕಳು ಖುಷಿಯಿಂದ ಕಲಿಯುವಂತೆ ಆನಂದಮಯವಾಗಿದೆ. ಮಕ್ಕಳಲ್ಲಿ ಸೃಜನಶೀಲತೆ ಹಾಗೂ ಕ್ರಿಯಾಶೀಲತೆ ಬೆಳೆಸಲು ಸಹಕಾರಿ. ಎಲ್ಲರ ಸಹಕಾರ ಅಗತ್ಯ.
ವೆಂಕಟರಮಣ
ಅಧ್ಯಕ್ಷರು, ತಾಲ್ಲೂಕು ಪ್ರಾಥಮಿಕ ಶಾಲಾ ಶಿಕ್ಷಕರ ಸಂಘ
ಇ ಫಾಸ್ಟ್ ಚಾರ್ಜಿಂಗ್ ಘಟಕ ಆರಂಭ
ಮಂಡ್ಯ: ಮಂಡ್ಯ ನಗರದ ಬಸ್ ನಿಲ್ದಾಣ ಆವರಣದಲ್ಲಿ ನೂತನವಾಗಿ ನಿರ್ಮಿಸಲಾಗಿರುವ ಎಲೆಕ್ಟ್ರಿಕ್ ವಾಹನಗಳ ಇ ಫಾಸ್ಟ್ ಚಾರ್ಜಿಂಗ್ ಘಟಕವನ್ನು ಜಿಲ್ಲಾಧಿಕಾರಿಗಳು ಉದ್ಘಾಟಿಸಿದರು. ಪರಿಸರ ಸ್ನೇಹಿ ವಾಹನಗಳ ಬಳಕೆಗೆ ಉತ್ತೇಜನ ನೀಡುವ ನಿಟ್ಟಿನಲ್ಲಿ ಈ ಘಟಕ ಸ್ಥಾಪಿಸಲಾಗಿದೆ. ಏಕಕಾಲದಲ್ಲಿ ನಾಲ್ಕು ವಾಹನಗಳನ್ನು ಚಾರ್ಜ್ ಮಾಡುವ ವ್ಯವಸ್ಥೆ ಇದೆ. ಸಾರ್ವಜನಿಕರು ಇದರ ಪ್ರಯೋಜನ ಪಡೆದುಕೊಳ್ಳಬೇಕು. ಮುಂದಿನ ದಿನಗಳಲ್ಲಿ ಜಿಲ್ಲೆಯ ಪ್ರಮುಖ ಸ್ಥಳಗಳಲ್ಲಿ ಇನ್ನಷ್ಟು ಘಟಕಗಳನ್ನು ಸ್ಥಾಪಿಸಲಾಗುವುದು. ಎಲೆಕ್ಟ್ರಿಕ್ ವಾಹನಗಳ ಬಳಕೆಯಿಂದ ಇಂಧನ ಉಳಿತಾಯ ಹಾಗೂ ಮಾಲಿನ್ಯ ನಿಯಂತ್ರಣ ಸಾಧ್ಯ ಎಂದರು.
ಸಾರಿಗೆ ನಿಗಮದ ವಿಭಾಗೀಯ ನಿಯಂತ್ರಣಾಧಿಕಾರಿ ಮಾತನಾಡಿ, ಘಟಕದ ಸೌಲಭ್ಯಗಳ ಬಗ್ಗೆ ವಿವರಿಸಿದರು. ಇದು ಸ್ವಯಂಚಾಲಿತ ವ್ಯವಸ್ಥೆಯಾಗಿದ್ದು ಡಿಜಿಟಲ್ ಪಾವತಿ ಸೌಲಭ್ಯ ಕಲ್ಪಿಸಲಾಗಿದೆ. ದಿನದ 24 ಗಂಟೆಯೂ ಸೇವೆ ಲಭ್ಯವಿರುತ್ತದೆ ಎಂದರು. ಈ ಸಂದರ್ಭದಲ್ಲಿ ಅಪರ ಜಿಲ್ಲಾಧಿಕಾರಿ, ಇಂಧನ ಇಲಾಖೆಯ ಅಧಿಕಾರಿಗಳು, ಸಾರಿಗೆ ನಿಗಮದ ಅಧಿಕಾರಿಗಳು, ಸಿಬ್ಬಂದಿ ಹಾಗೂ ಸಾರ್ವಜನಿಕರು ಹಾಜರಿದ್ದರು.
